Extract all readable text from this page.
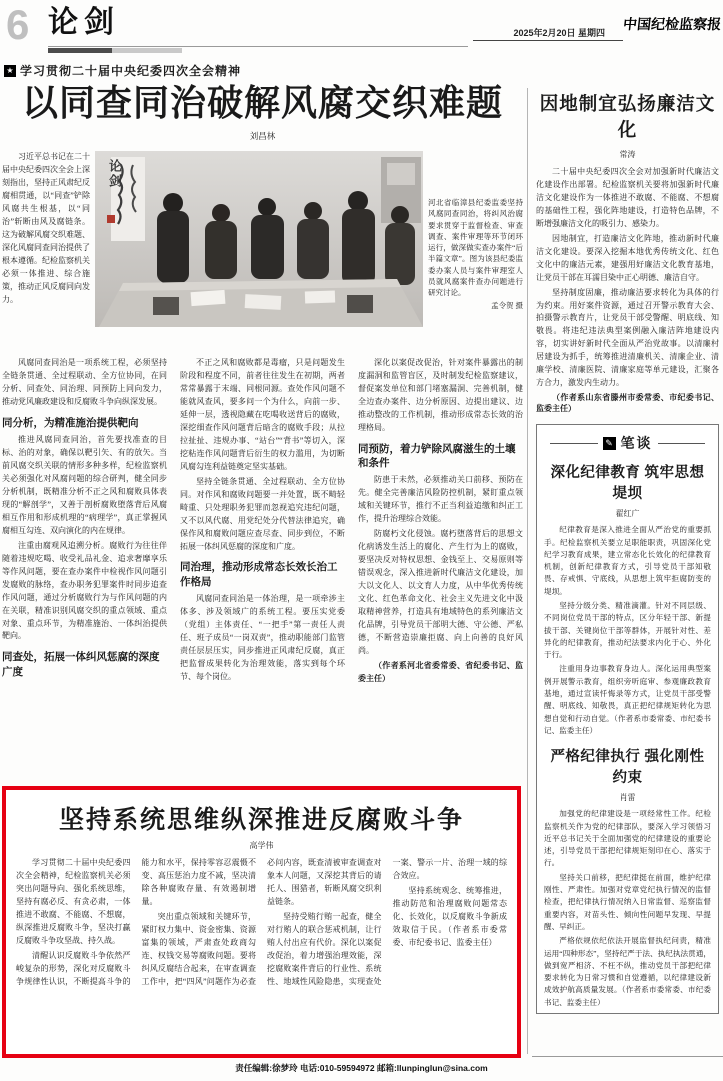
6 论剑	2025年2月20日 星期四 中国纪检监察报
★ 学习贯彻二十届中央纪委四次全会精神
以同查同治破解风腐交织难题
刘昌林

习近平总书记在二十届中央纪委四次全会上深刻指出，坚持正风肃纪反腐相贯通，以“同查”铲除风腐共生根基，以“同治”斩断由风及腐链条。这为破解风腐交织难题、深化风腐同查同治提供了根本遵循。纪检监察机关必须一体推进、综合施策，推动正风反腐同向发力。

论剑

河北省临漳县纪委监委坚持风腐同查同治，将纠风治腐要求贯穿于监督检查、审查调查、案件审理等环节闭环运行，做深做实查办案件“后半篇文章”。图为该县纪委监委办案人员与案件审理室人员就风腐案件查办问题进行研究讨论。

孟令贺 摄

风腐同查同治是一项系统工程，必须坚持全链条贯通、全过程联动、全方位协同，在同分析、同查处、同治理、同预防上同向发力，推动党风廉政建设和反腐败斗争向纵深发展。

同分析，为精准施治提供靶向

推进风腐同查同治，首先要找准查的目标、治的对象，确保以靶引矢、有的放矢。当前风腐交织关联的情形多种多样，纪检监察机关必须强化对风腐问题的综合研判，健全同步分析机制，既精准分析不正之风和腐败具体表现的“解剖学”，又善于剖析腐败堕落背后风腐相互作用和形成机理的“病理学”，真正掌握风腐相互勾连、双向演化的内在规律。

注重由腐观风追溯分析。腐败行为往往伴随着违规吃喝、收受礼品礼金、追求奢靡享乐等作风问题，要在查办案件中检视作风问题引发腐败的脉络，查办职务犯罪案件时同步追查作风问题，通过分析腐败行为与作风问题的内在关联，精准识别风腐交织的重点领域、重点对象、重点环节，为精准施治、一体纠治提供靶向。

同查处，拓展一体纠风惩腐的深度广度

不正之风和腐败都是毒瘤，只是问题发生阶段和程度不同，前者往往发生在初期，两者常常暴露于末端、同根同源。查处作风问题不能就风查风，要多问一个为什么，向前一步、延伸一层，透视隐藏在吃喝收送背后的腐败，深挖细查作风问题背后暗含的腐败手段；从拉拉扯扯、违规办事、“站台”“背书”等切入，深挖粘连作风问题背后衍生的权力滥用，为切断风腐勾连利益链奠定坚实基础。

坚持全链条贯通、全过程联动、全方位协同。对作风和腐败问题要一并处置，既不畸轻畸重、只处理职务犯罪而忽视追究违纪问题，又不以风代腐、用党纪处分代替法律追究，确保作风和腐败问题应查尽查、同步到位，不断拓展一体纠风惩腐的深度和广度。

同治理，推动形成常态长效长治工作格局

风腐同查同治是一体治理，是一项牵涉主体多、涉及领域广的系统工程。要压实党委（党组）主体责任、“一把手”第一责任人责任、班子成员“一岗双责”，推动职能部门监管责任层层压实，同步推进正风肃纪反腐，真正把监督成果转化为治理效能，落实到每个环节、每个岗位。

深化以案促改促治，针对案件暴露出的制度漏洞和监管盲区，及时制发纪检监察建议，督促案发单位和部门堵塞漏洞、完善机制，健全边查办案件、边分析原因、边提出建议、边推动整改的工作机制，推动形成常态长效的治理格局。

同预防，着力铲除风腐滋生的土壤和条件

防患于未然，必须推动关口前移、预防在先。健全完善廉洁风险防控机制，紧盯重点领域和关键环节，推行不正当利益追缴和纠正工作，提升治理综合效能。

防腐朽文化侵蚀。腐朽堕落背后的思想文化病诱发生活上的腐化、产生行为上的腐败，要坚决反对特权思想、金钱至上、交易原则等错误观念，深入推进新时代廉洁文化建设，加大以文化人、以文育人力度，从中华优秀传统文化、红色革命文化、社会主义先进文化中汲取精神营养，打造具有地域特色的系列廉洁文化品牌，引导党员干部明大德、守公德、严私德，不断营造崇廉拒腐、向上向善的良好风尚。

（作者系河北省委常委、省纪委书记、监委主任）

坚持系统思维纵深推进反腐败斗争
高学伟

学习贯彻二十届中央纪委四次全会精神，纪检监察机关必须突出问题导向、强化系统思维，坚持有腐必反、有贪必肃，一体推进不敢腐、不能腐、不想腐，纵深推进反腐败斗争，坚决打赢反腐败斗争攻坚战、持久战。

清醒认识反腐败斗争依然严峻复杂的形势，深化对反腐败斗争规律性认识，不断提高斗争的能力和水平，保持零容忍震慑不变、高压惩治力度不减，坚决清除各种腐败存量、有效遏制增量。

突出重点领域和关键环节，紧盯权力集中、资金密集、资源富集的领域，严肃查处政商勾连、权钱交易等腐败问题。要将纠风反腐结合起来，在审查调查工作中，把“四风”问题作为必查必问内容，既查清被审查调查对象本人问题，又深挖其背后的请托人、围猎者，斩断风腐交织利益链条。

坚持受贿行贿一起查，健全对行贿人的联合惩戒机制，让行贿人付出应有代价。深化以案促改促治，着力增强治理效能，深挖腐败案件背后的行业性、系统性、地域性风险隐患，实现查处一案、警示一片、治理一域的综合效应。

坚持系统观念、统筹推进，推动防范和治理腐败问题常态化、长效化，以反腐败斗争新成效取信于民。（作者系市委常委、市纪委书记、监委主任）

因地制宜弘扬廉洁文化
常涛

二十届中央纪委四次全会对加强新时代廉洁文化建设作出部署。纪检监察机关要将加强新时代廉洁文化建设作为一体推进不敢腐、不能腐、不想腐的基础性工程，强化阵地建设，打造特色品牌，不断增强廉洁文化的吸引力、感染力。

因地制宜，打造廉洁文化阵地，推动新时代廉洁文化建设。要深入挖掘本地优秀传统文化、红色文化中的廉洁元素，建强用好廉洁文化教育基地，让党员干部在耳濡目染中正心明德、廉洁自守。

坚持制度固廉，推动廉洁要求转化为具体的行为约束。用好案件资源，通过召开警示教育大会、拍摄警示教育片，让党员干部受警醒、明底线、知敬畏。将违纪违法典型案例融入廉洁阵地建设内容，切实讲好新时代全面从严治党故事。以清廉村居建设为抓手，统筹推进清廉机关、清廉企业、清廉学校、清廉医院、清廉家庭等单元建设，汇聚各方合力，激发内生动力。

（作者系山东省滕州市委常委、市纪委书记、监委主任）

✎ 笔谈
深化纪律教育 筑牢思想堤坝
翟红广

纪律教育是深入推进全面从严治党的重要抓手。纪检监察机关要立足职能职责，巩固深化党纪学习教育成果，建立常态化长效化的纪律教育机制，创新纪律教育方式，引导党员干部知敬畏、存戒惧、守底线，从思想上筑牢拒腐防变的堤坝。

坚持分级分类、精准滴灌。针对不同层级、不同岗位党员干部的特点，区分年轻干部、新提拔干部、关键岗位干部等群体，开展针对性、差异化的纪律教育，推动纪法要求内化于心、外化于行。

注重用身边事教育身边人。深化运用典型案例开展警示教育，组织旁听庭审、参观廉政教育基地，通过宣读忏悔录等方式，让党员干部受警醒、明底线、知敬畏，真正把纪律规矩转化为思想自觉和行动自觉。（作者系市委常委、市纪委书记、监委主任）

严格纪律执行 强化刚性约束
肖雷

加强党的纪律建设是一项经常性工作。纪检监察机关作为党的纪律部队，要深入学习领悟习近平总书记关于全面加强党的纪律建设的重要论述，引导党员干部把纪律规矩刻印在心、落实于行。

坚持关口前移，把纪律挺在前面，维护纪律刚性、严肃性。加强对党章党纪执行情况的监督检查，把纪律执行情况纳入日常监督、巡察监督重要内容，对苗头性、倾向性问题早发现、早提醒、早纠正。

严格依规依纪依法开展监督执纪问责，精准运用“四种形态”，坚持纪严于法、执纪执法贯通，做到宽严相济、不枉不纵，推动党员干部把纪律要求转化为日常习惯和自觉遵循，以纪律建设新成效护航高质量发展。（作者系市委常委、市纪委书记、监委主任）

责任编辑:徐梦玲 电话:010-59594972 邮箱:llunpinglun@sina.com
